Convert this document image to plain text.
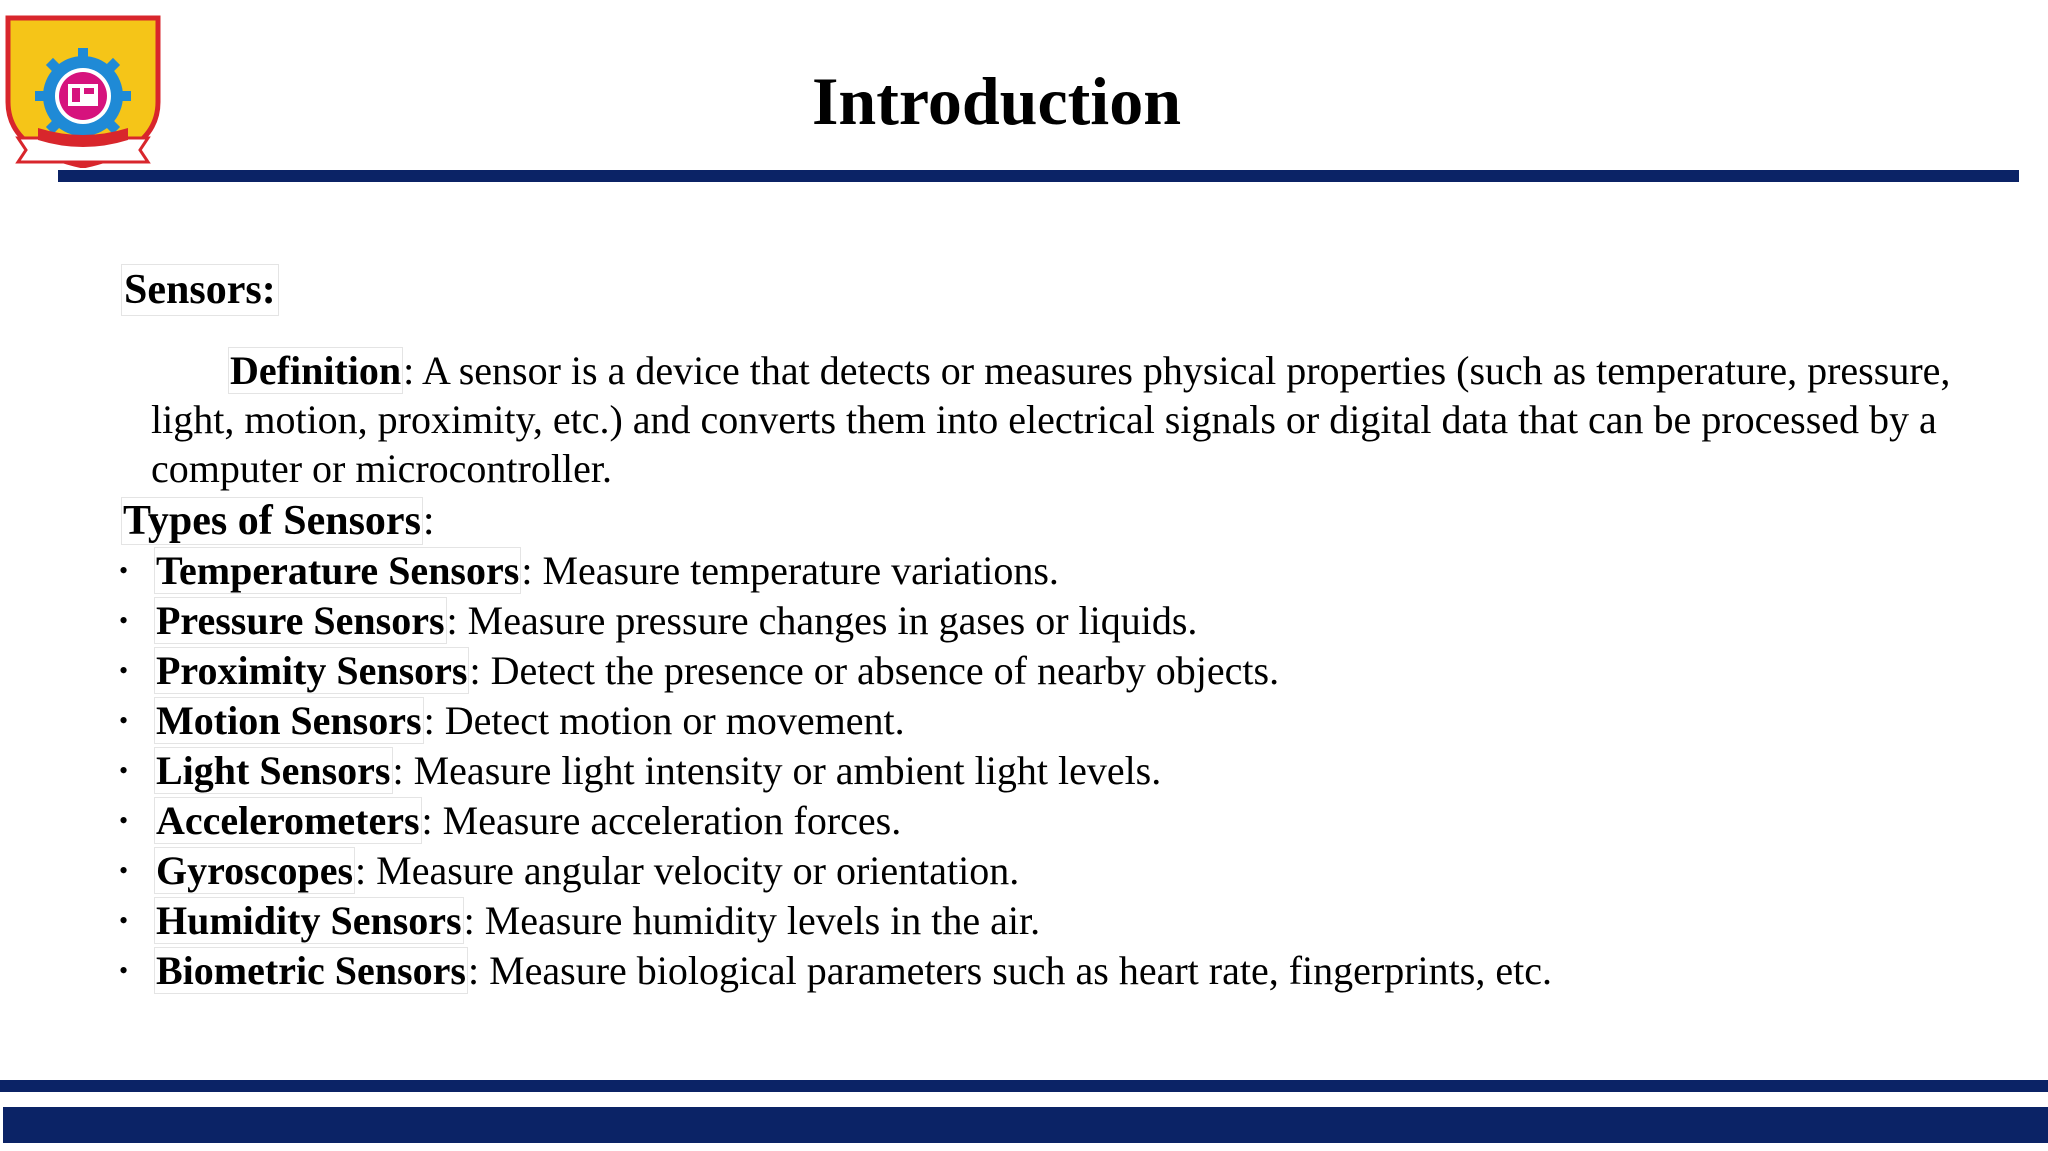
Introduction
Sensors:
Definition: A sensor is a device that detects or measures physical properties (such as temperature, pressure, light, motion, proximity, etc.) and converts them into electrical signals or digital data that can be processed by a computer or microcontroller.
Types of Sensors:
• Temperature Sensors: Measure temperature variations.
• Pressure Sensors: Measure pressure changes in gases or liquids.
• Proximity Sensors: Detect the presence or absence of nearby objects.
• Motion Sensors: Detect motion or movement.
• Light Sensors: Measure light intensity or ambient light levels.
• Accelerometers: Measure acceleration forces.
• Gyroscopes: Measure angular velocity or orientation.
• Humidity Sensors: Measure humidity levels in the air.
• Biometric Sensors: Measure biological parameters such as heart rate, fingerprints, etc.
